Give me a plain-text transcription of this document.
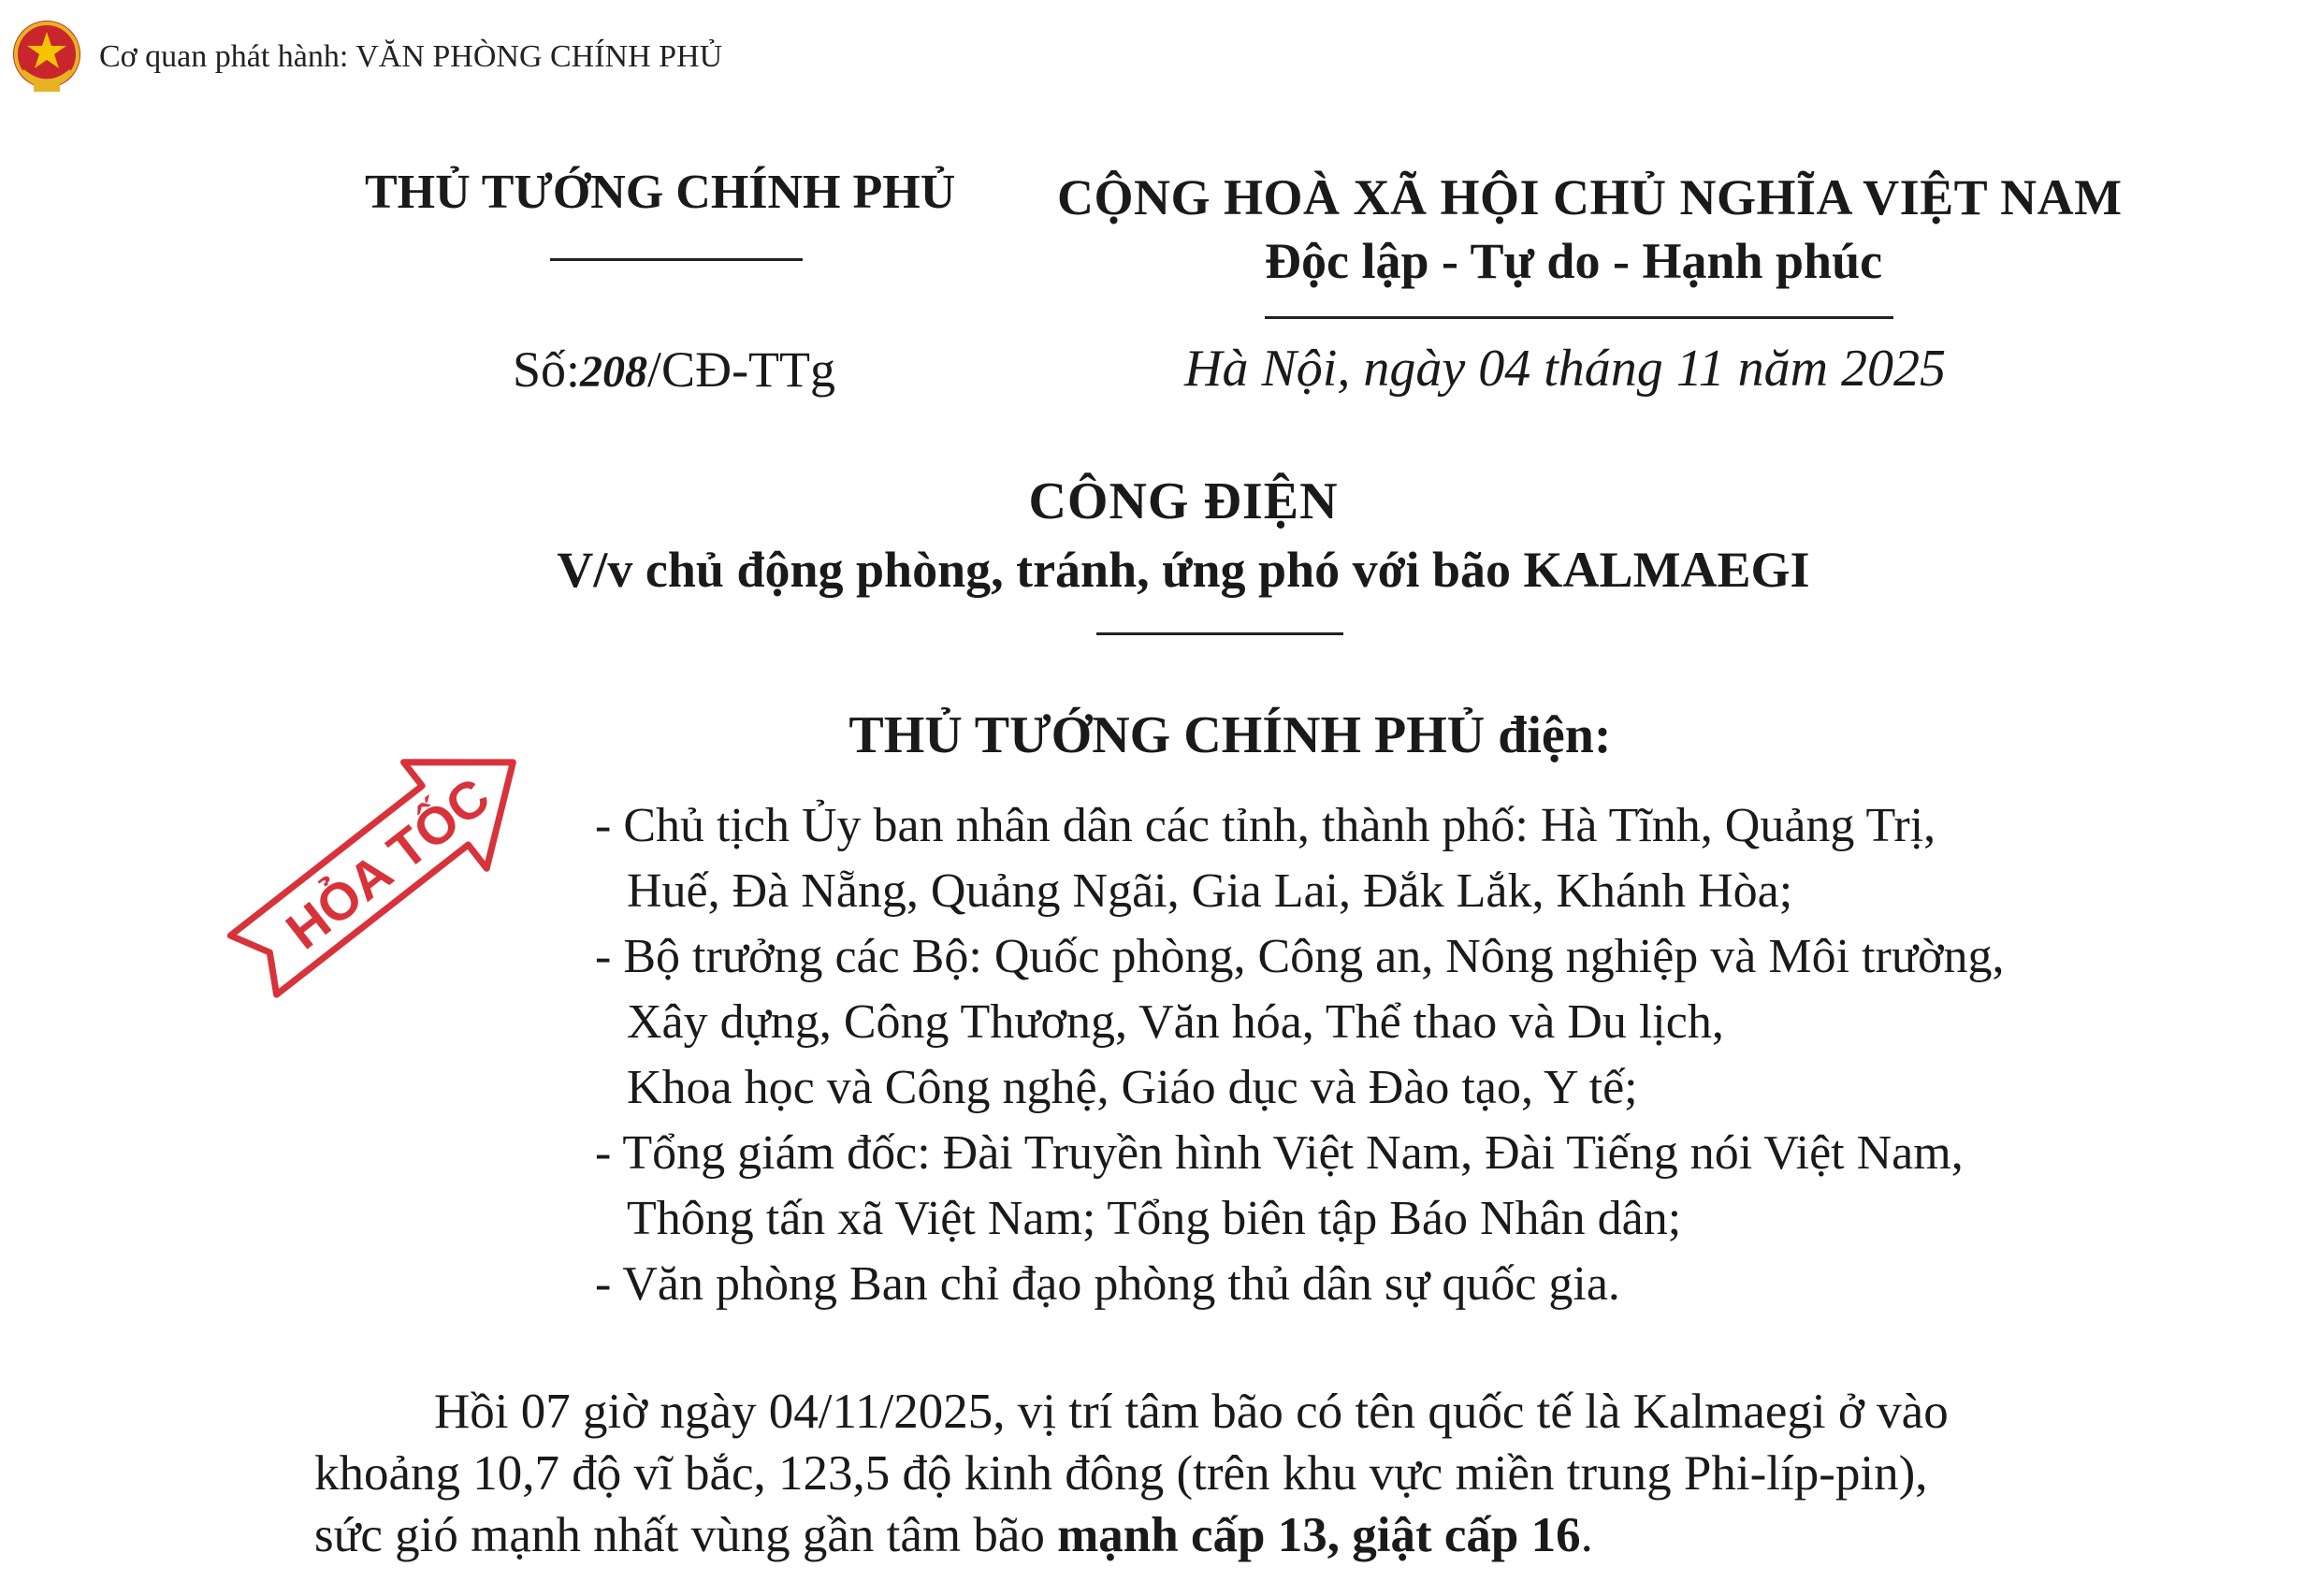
Cơ quan phát hành: VĂN PHÒNG CHÍNH PHỦ
THỦ TƯỚNG CHÍNH PHỦ CỘNG HOÀ XÃ HỘI CHỦ NGHĨA VIỆT NAM
Độc lập - Tự do - Hạnh phúc
Số:208/CĐ-TTg	Hà Nội, ngày 04 tháng 11 năm 2025
CÔNG ĐIỆN
V/v chủ động phòng, tránh, ứng phó với bão KALMAEGI
THỦ TƯỚNG CHÍNH PHỦ điện:
HỎA TỐC - Chủ tịch Ủy ban nhân dân các tỉnh, thành phố: Hà Tĩnh, Quảng Trị,
Huế, Đà Nẵng, Quảng Ngãi, Gia Lai, Đắk Lắk, Khánh Hòa;
- Bộ trưởng các Bộ: Quốc phòng, Công an, Nông nghiệp và Môi trường,
Xây dựng, Công Thương, Văn hóa, Thể thao và Du lịch,
Khoa học và Công nghệ, Giáo dục và Đào tạo, Y tế;
- Tổng giám đốc: Đài Truyền hình Việt Nam, Đài Tiếng nói Việt Nam,
Thông tấn xã Việt Nam; Tổng biên tập Báo Nhân dân;
- Văn phòng Ban chỉ đạo phòng thủ dân sự quốc gia.

Hồi 07 giờ ngày 04/11/2025, vị trí tâm bão có tên quốc tế là Kalmaegi ở vào
khoảng 10,7 độ vĩ bắc, 123,5 độ kinh đông (trên khu vực miền trung Phi-líp-pin),
sức gió mạnh nhất vùng gần tâm bão mạnh cấp 13, giật cấp 16.
